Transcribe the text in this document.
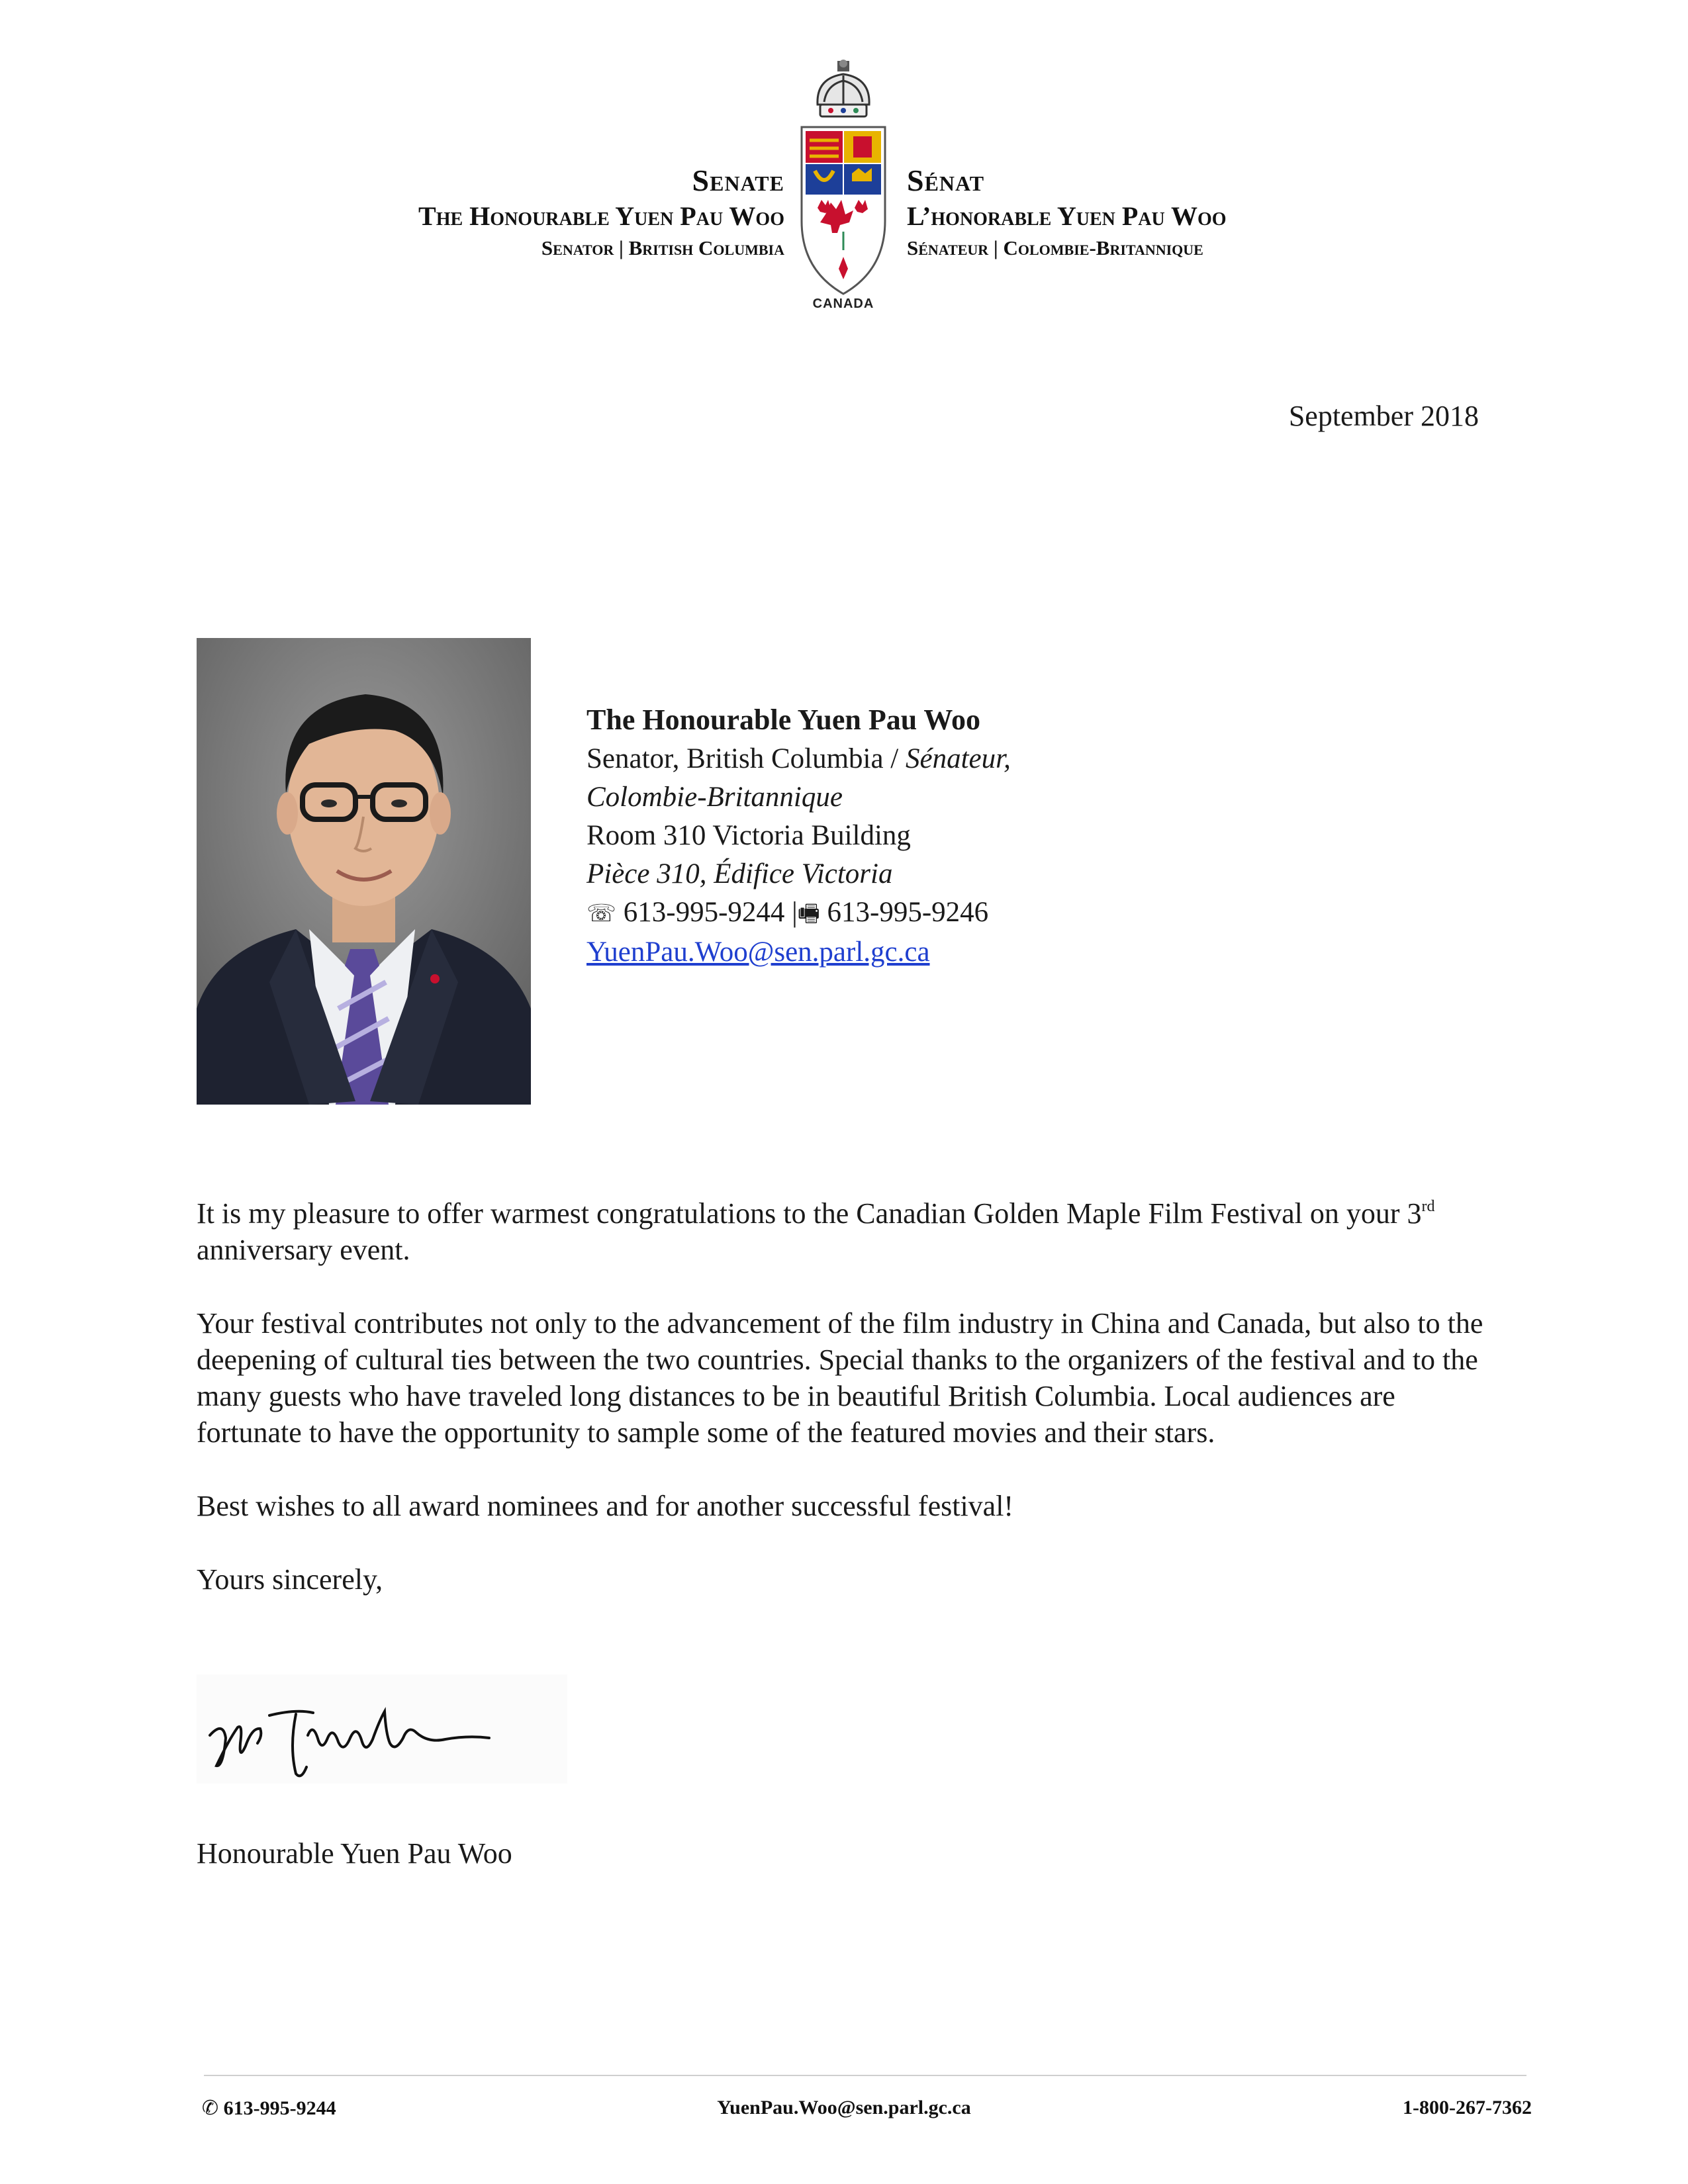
Senate
The Honourable Yuen Pau Woo
Senator | British Columbia
CANADA
Sénat
L’honorable Yuen Pau Woo
Sénateur | Colombie-Britannique
September 2018
The Honourable Yuen Pau Woo
Senator, British Columbia / Sénateur,
Colombie-Britannique
Room 310 Victoria Building
Pièce 310, Édifice Victoria
☏ 613-995-9244 |🖷 613-995-9246
YuenPau.Woo@sen.parl.gc.ca

It is my pleasure to offer warmest congratulations to the Canadian Golden Maple Film Festival on your 3rd anniversary event.

Your festival contributes not only to the advancement of the film industry in China and Canada, but also to the deepening of cultural ties between the two countries. Special thanks to the organizers of the festival and to the many guests who have traveled long distances to be in beautiful British Columbia. Local audiences are fortunate to have the opportunity to sample some of the featured movies and their stars.

Best wishes to all award nominees and for another successful festival!

Yours sincerely,

Honourable Yuen Pau Woo
✆ 613-995-9244	YuenPau.Woo@sen.parl.gc.ca	1-800-267-7362
